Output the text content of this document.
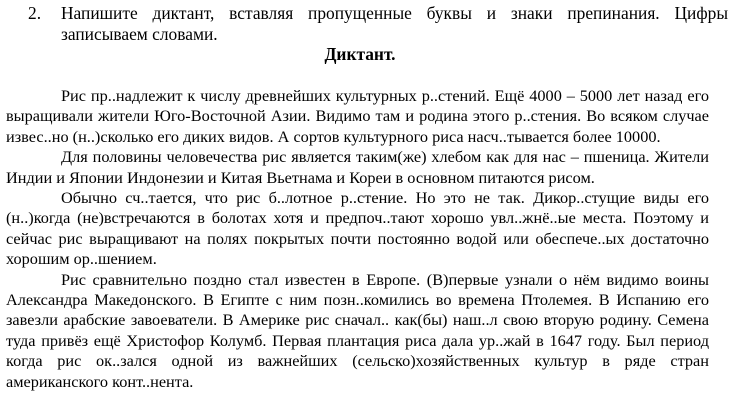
2. Напишите диктант, вставляя пропущенные буквы и знаки препинания. Цифры записываем словами.
Диктант.

Рис пр..надлежит к числу древнейших культурных р..стений. Ещё 4000 – 5000 лет назад его выращивали жители Юго-Восточной Азии. Видимо там и родина этого р..стения. Во всяком случае извес..но (н..)сколько его диких видов. А сортов культурного риса насч..тывается более 10000.

Для половины человечества рис является таким(же) хлебом как для нас – пшеница. Жители Индии и Японии Индонезии и Китая Вьетнама и Кореи в основном питаются рисом.

Обычно сч..тается, что рис б..лотное р..стение. Но это не так. Дикор..стущие виды его (н..)когда (не)встречаются в болотах хотя и предпоч..тают хорошо увл..жнё..ые места. Поэтому и сейчас рис выращивают на полях покрытых почти постоянно водой или обеспече..ых достаточно хорошим ор..шением.

Рис сравнительно поздно стал известен в Европе. (В)первые узнали о нём видимо воины Александра Македонского. В Египте с ним позн..комились во времена Птолемея. В Испанию его завезли арабские завоеватели. В Америке рис сначал.. как(бы) наш..л свою вторую родину. Семена туда привёз ещё Христофор Колумб. Первая плантация риса дала ур..жай в 1647 году. Был период когда рис ок..зался одной из важнейших (сельско)хозяйственных культур в ряде стран американского конт..нента.
